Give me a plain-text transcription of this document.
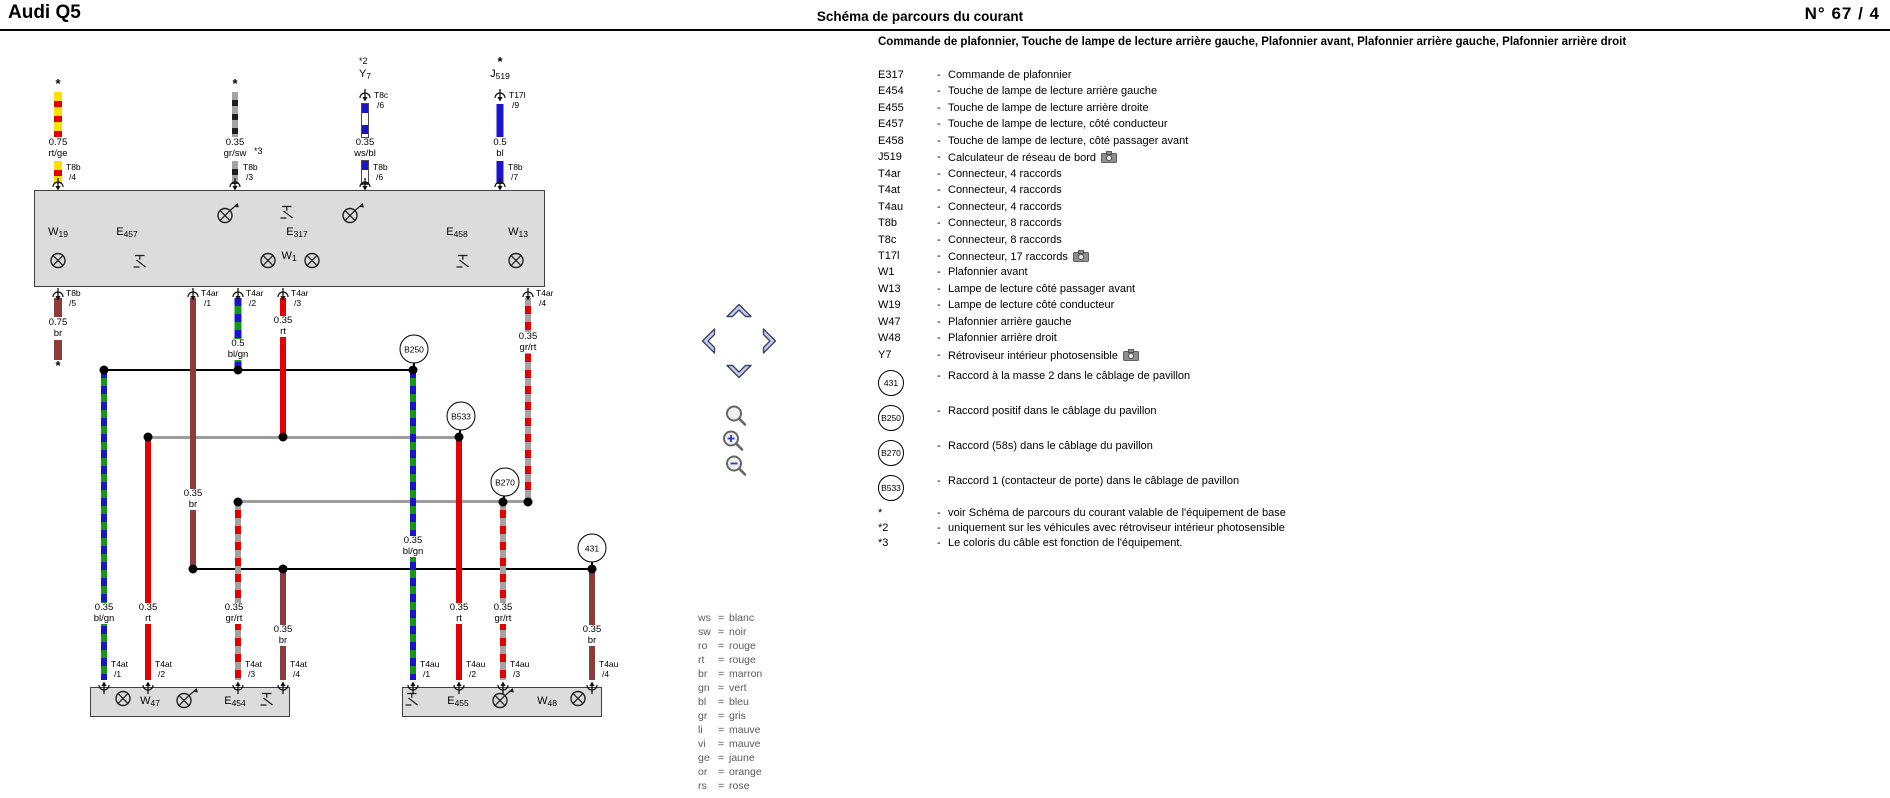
Audi Q5	Schéma de parcours du courant	N° 67 / 4
Commande de plafonnier, Touche de lampe de lecture arrière gauche, Plafonnier avant, Plafonnier arrière gauche, Plafonnier arrière droit
E317	- Commande de plafonnier
E454	- Touche de lampe de lecture arrière gauche
E455	- Touche de lampe de lecture arrière droite
E457	- Touche de lampe de lecture, côté conducteur
E458	- Touche de lampe de lecture, côté passager avant
J519	- Calculateur de réseau de bord
T4ar	- Connecteur, 4 raccords
T4at	- Connecteur, 4 raccords
T4au	- Connecteur, 4 raccords
T8b	- Connecteur, 8 raccords
T8c	- Connecteur, 8 raccords
T17l	- Connecteur, 17 raccords
W1	- Plafonnier avant
W13	- Lampe de lecture côté passager avant
W19	- Lampe de lecture côté conducteur
W47	- Plafonnier arrière gauche
W48	- Plafonnier arrière droit
Y7	- Rétroviseur intérieur photosensible
431
- Raccord à la masse 2 dans le câblage de pavillon
B250
- Raccord positif dans le câblage du pavillon
B270
- Raccord (58s) dans le câblage du pavillon
B533
- Raccord 1 (contacteur de porte) dans le câblage de pavillon
*	- voir Schéma de parcours du courant valable de l'équipement de base
*2	- uniquement sur les véhicules avec rétroviseur intérieur photosensible
*3	- Le coloris du câble est fonction de l'équipement.
ws = blanc
sw = noir
ro = rouge
rt = rouge
br = marron
gn = vert
bl = bleu
gr = gris
li = mauve
vi = mauve
ge = jaune
or = orange
rs = rose
*	*
*2
Y7
*
J519
T8c
/6
T17l
/9
0.75
rt/ge
0.35
gr/sw *3
0.35
ws/bl
0.5
bl
T8b
/4
T8b
/3
T8b
/6
T8b
/7
W19	E457	E317
W1
E458	W13
T8b
/5
T4ar
/1
T4ar
/2
T4ar
/3
T4ar
/4
0.75
br
*
0.35
br
0.5
bl/gn
0.35
rt	0.35
gr/rt
B250
B533
B270
431
0.35
bl/gn
0.35
rt
0.35
gr/rt
0.35
br
0.35
bl/gn
0.35
rt
0.35
gr/rt
0.35
br
T4at
/1
T4at
/2
T4at
/3
T4at
/4
T4au
/1
T4au
/2
T4au
/3
T4au
/4
W47	E454	E455	W48
